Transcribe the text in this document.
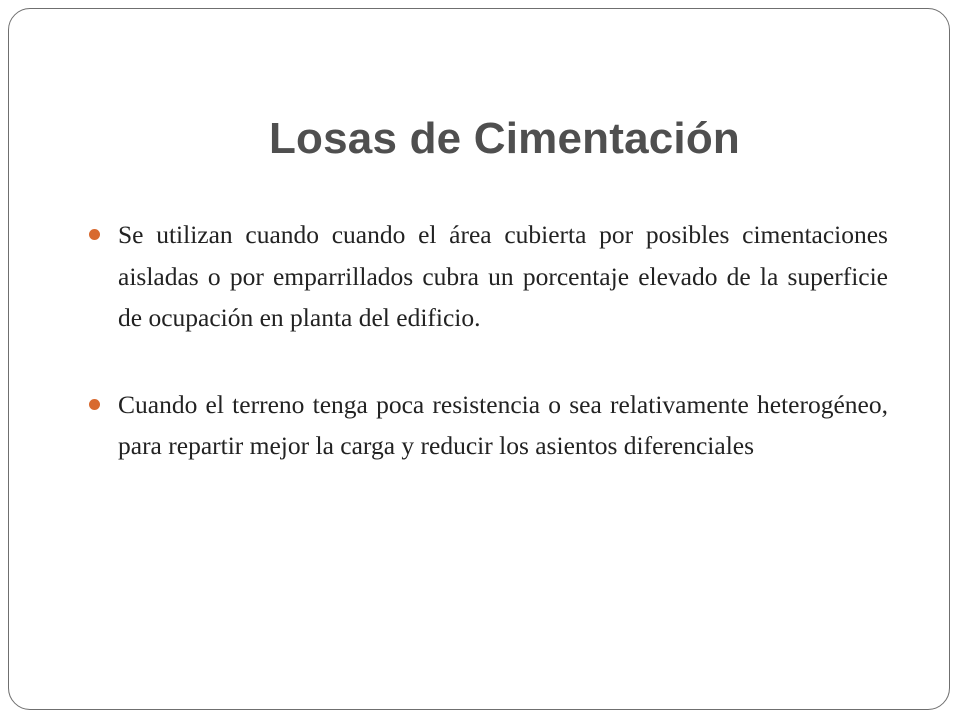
Losas de Cimentación
Se utilizan cuando cuando el área cubierta por posibles cimentaciones aisladas o por emparrillados cubra un porcentaje elevado de la superficie de ocupación en planta del edificio.
Cuando el terreno tenga poca resistencia o sea relativamente heterogéneo, para repartir mejor la carga y reducir los asientos diferenciales
